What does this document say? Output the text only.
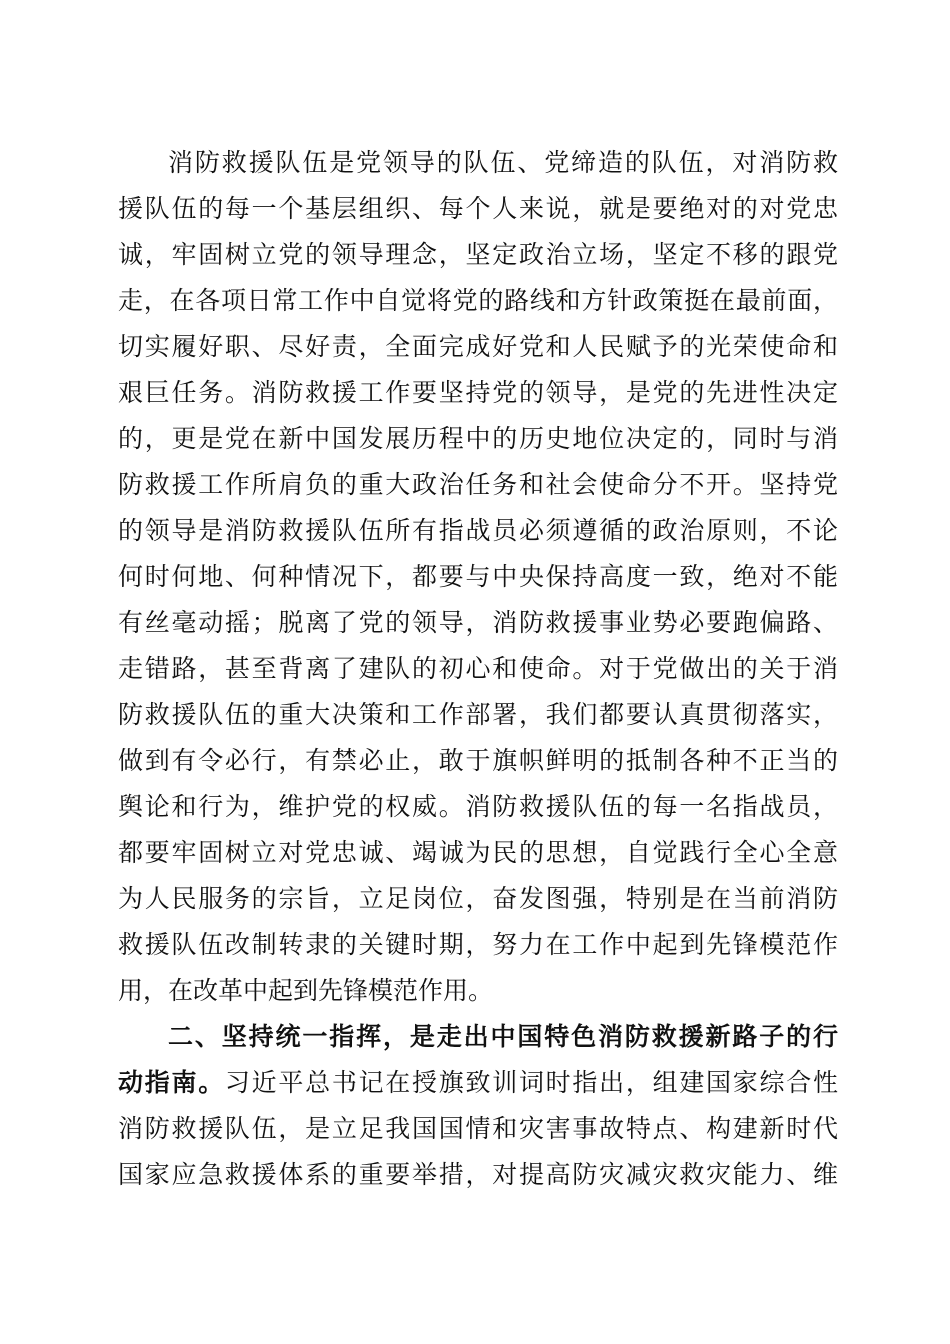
消防救援队伍是党领导的队伍、党缔造的队伍，对消防救
援队伍的每一个基层组织、每个人来说，就是要绝对的对党忠
诚，牢固树立党的领导理念，坚定政治立场，坚定不移的跟党
走，在各项日常工作中自觉将党的路线和方针政策挺在最前面，
切实履好职、尽好责，全面完成好党和人民赋予的光荣使命和
艰巨任务。消防救援工作要坚持党的领导，是党的先进性决定
的，更是党在新中国发展历程中的历史地位决定的，同时与消
防救援工作所肩负的重大政治任务和社会使命分不开。坚持党
的领导是消防救援队伍所有指战员必须遵循的政治原则，不论
何时何地、何种情况下，都要与中央保持高度一致，绝对不能
有丝毫动摇；脱离了党的领导，消防救援事业势必要跑偏路、
走错路，甚至背离了建队的初心和使命。对于党做出的关于消
防救援队伍的重大决策和工作部署，我们都要认真贯彻落实，
做到有令必行，有禁必止，敢于旗帜鲜明的抵制各种不正当的
舆论和行为，维护党的权威。消防救援队伍的每一名指战员，
都要牢固树立对党忠诚、竭诚为民的思想，自觉践行全心全意
为人民服务的宗旨，立足岗位，奋发图强，特别是在当前消防
救援队伍改制转隶的关键时期，努力在工作中起到先锋模范作
用，在改革中起到先锋模范作用。
二、坚持统一指挥，是走出中国特色消防救援新路子的行
动指南。习近平总书记在授旗致训词时指出，组建国家综合性
消防救援队伍，是立足我国国情和灾害事故特点、构建新时代
国家应急救援体系的重要举措，对提高防灾减灾救灾能力、维
